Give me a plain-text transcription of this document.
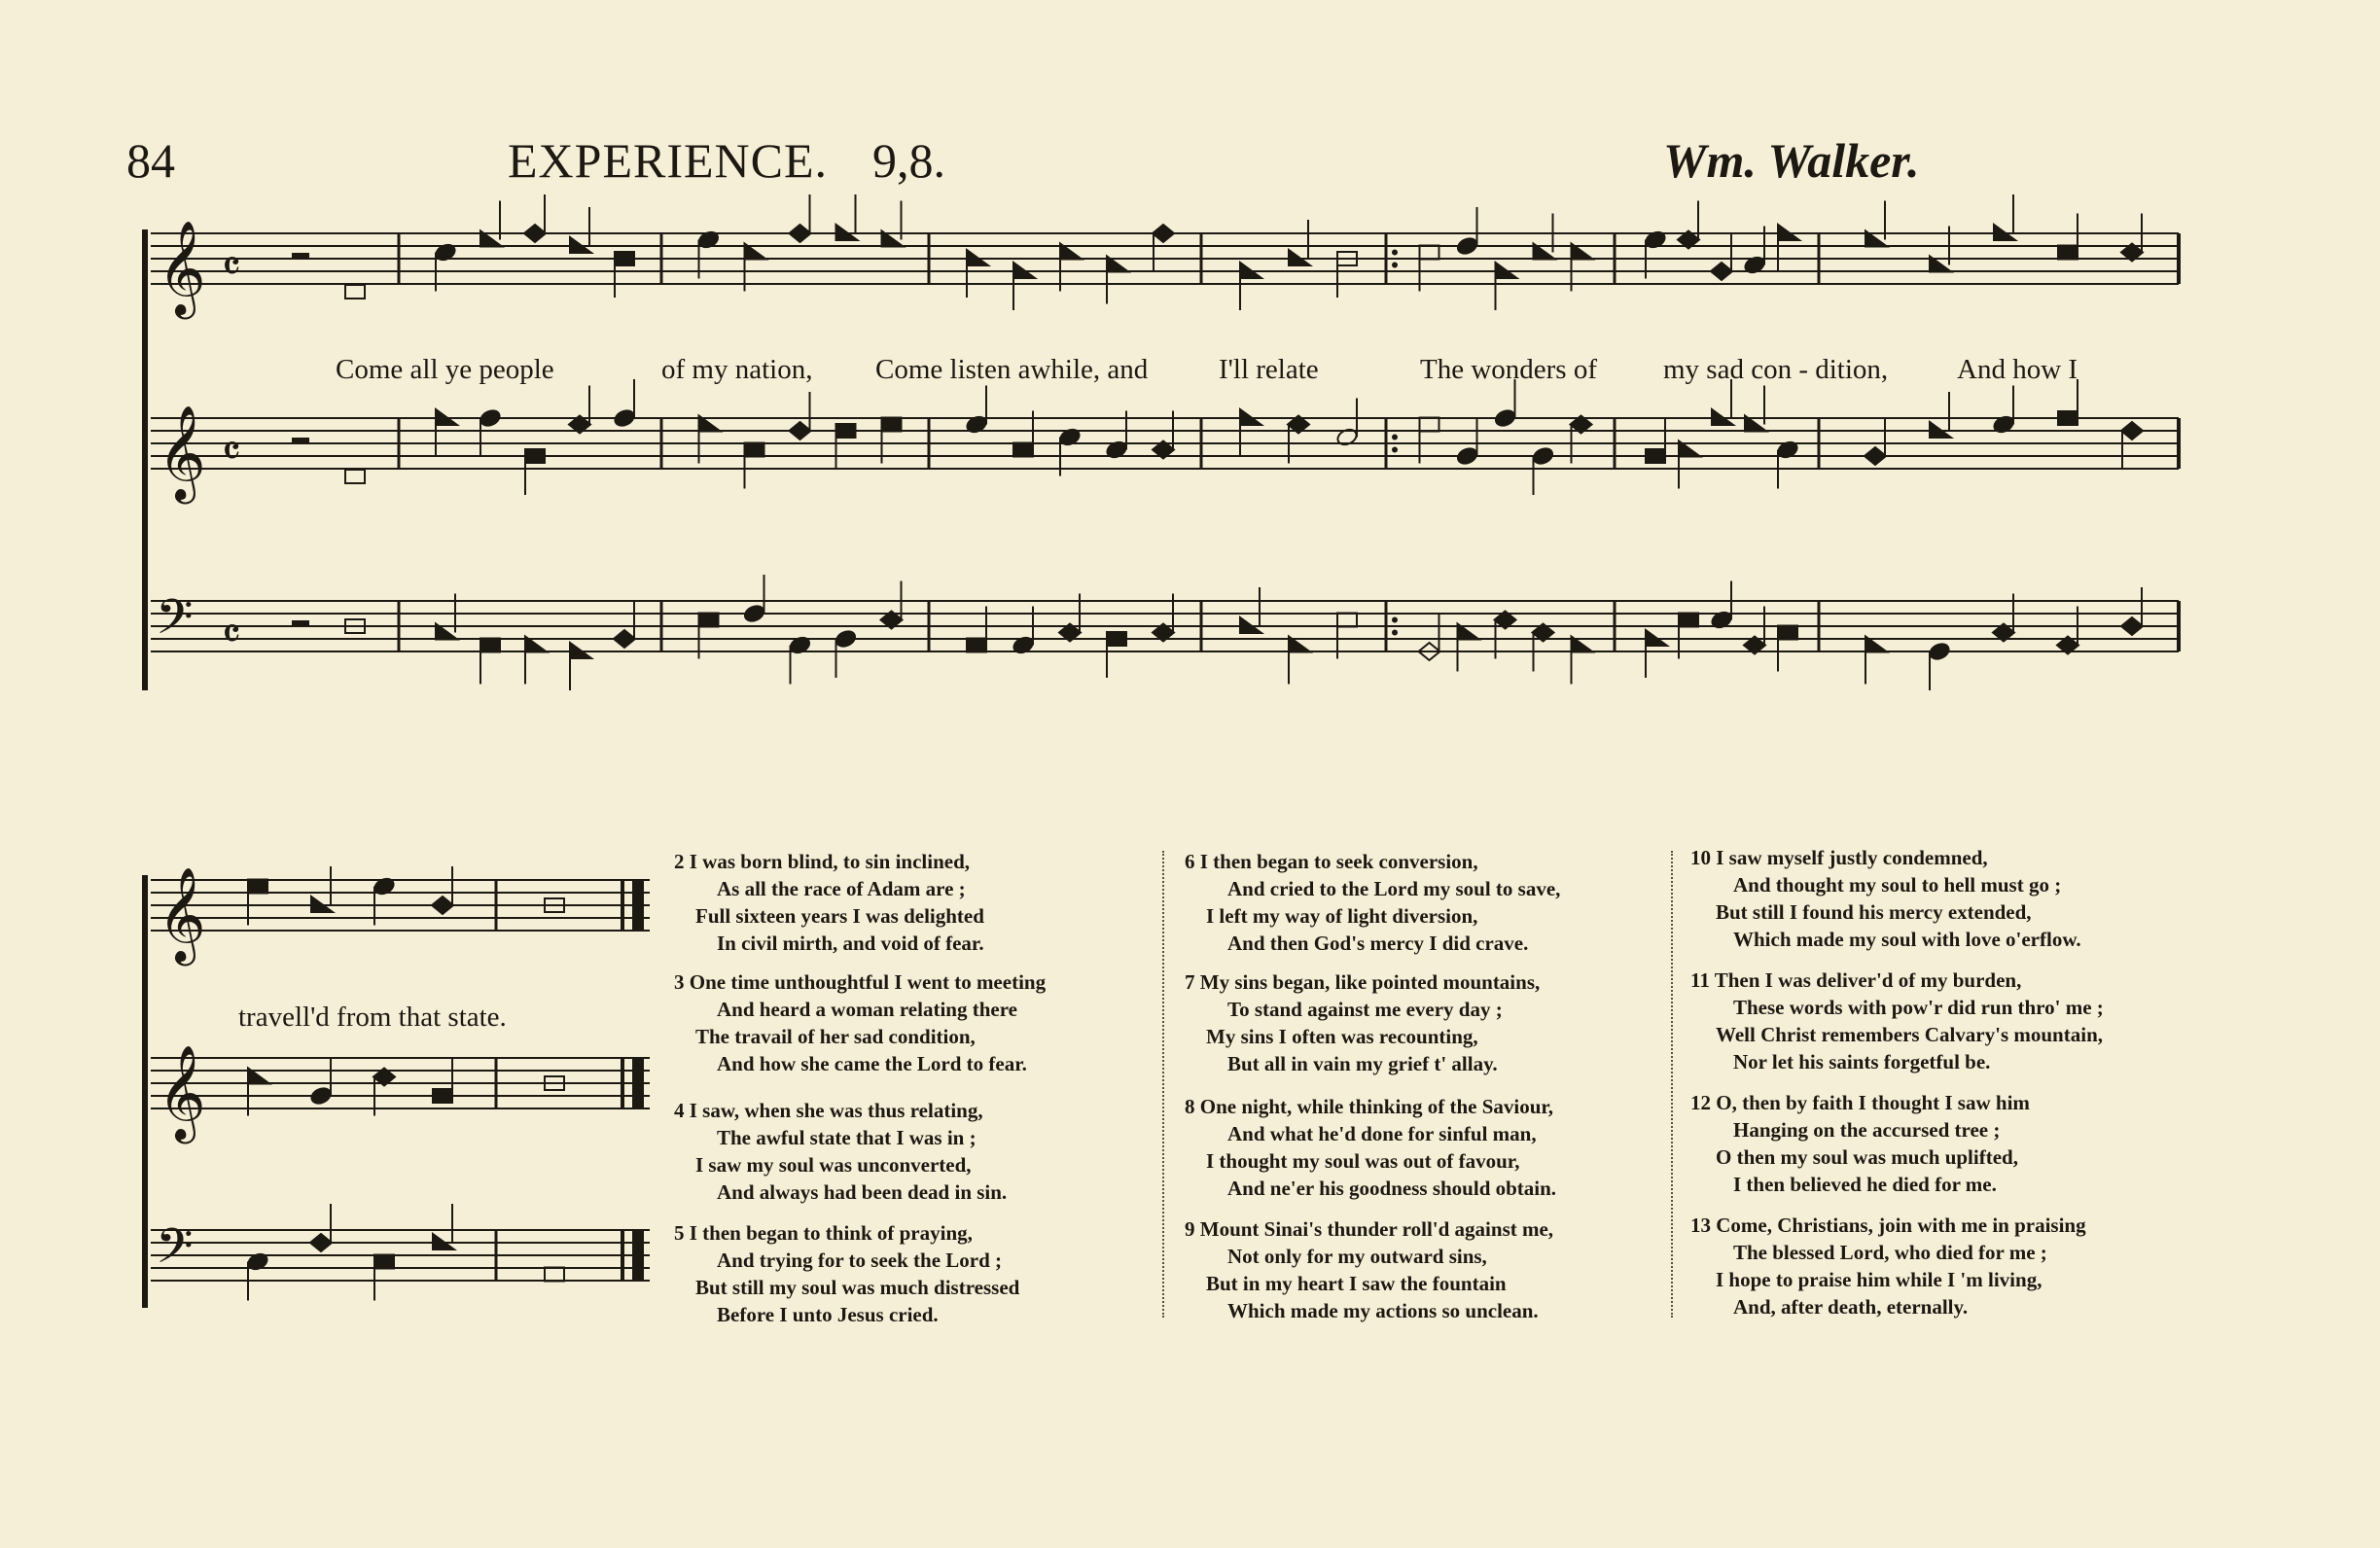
84	EXPERIENCE. 9,8.	Wm. Walker.
𝄞 𝄴
𝄞 𝄴
𝄢 𝄴
𝄞
𝄞
𝄢
Come all ye people	of my nation, Come listen awhile, and	I'll relate	The wonders of my sad con - dition, And how I
travell'd from that state.
2 I was born blind, to sin inclined,
As all the race of Adam are ;
Full sixteen years I was delighted
In civil mirth, and void of fear.
3 One time unthoughtful I went to meeting
And heard a woman relating there
The travail of her sad condition,
And how she came the Lord to fear.
4 I saw, when she was thus relating,
The awful state that I was in ;
I saw my soul was unconverted,
And always had been dead in sin.
5 I then began to think of praying,
And trying for to seek the Lord ;
But still my soul was much distressed
Before I unto Jesus cried.
6 I then began to seek conversion,
And cried to the Lord my soul to save,
I left my way of light diversion,
And then God's mercy I did crave.
7 My sins began, like pointed mountains,
To stand against me every day ;
My sins I often was recounting,
But all in vain my grief t' allay.
8 One night, while thinking of the Saviour,
And what he'd done for sinful man,
I thought my soul was out of favour,
And ne'er his goodness should obtain.
9 Mount Sinai's thunder roll'd against me,
Not only for my outward sins,
But in my heart I saw the fountain
Which made my actions so unclean.
10 I saw myself justly condemned,
And thought my soul to hell must go ;
But still I found his mercy extended,
Which made my soul with love o'erflow.
11 Then I was deliver'd of my burden,
These words with pow'r did run thro' me ;
Well Christ remembers Calvary's mountain,
Nor let his saints forgetful be.
12 O, then by faith I thought I saw him
Hanging on the accursed tree ;
O then my soul was much uplifted,
I then believed he died for me.
13 Come, Christians, join with me in praising
The blessed Lord, who died for me ;
I hope to praise him while I 'm living,
And, after death, eternally.
